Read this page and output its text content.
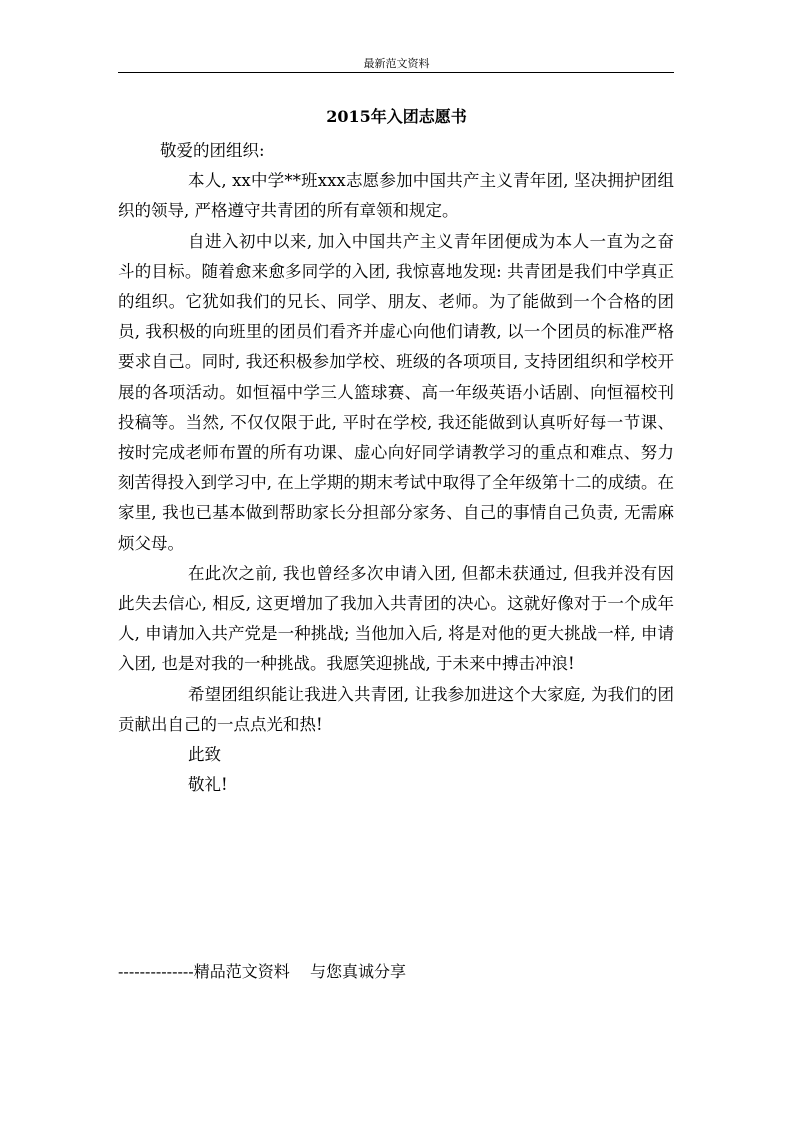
最新范文资料
2015年入团志愿书

敬爱的团组织:

本人, xx中学**班xxx志愿参加中国共产主义青年团, 坚决拥护团组织的领导, 严格遵守共青团的所有章领和规定。

自进入初中以来, 加入中国共产主义青年团便成为本人一直为之奋斗的目标。随着愈来愈多同学的入团, 我惊喜地发现: 共青团是我们中学真正的组织。它犹如我们的兄长、同学、朋友、老师。为了能做到一个合格的团员, 我积极的向班里的团员们看齐并虚心向他们请教, 以一个团员的标准严格要求自己。同时, 我还积极参加学校、班级的各项项目, 支持团组织和学校开展的各项活动。如恒福中学三人篮球赛、高一年级英语小话剧、向恒福校刊投稿等。当然, 不仅仅限于此, 平时在学校, 我还能做到认真听好每一节课、按时完成老师布置的所有功课、虚心向好同学请教学习的重点和难点、努力刻苦得投入到学习中, 在上学期的期末考试中取得了全年级第十二的成绩。在家里, 我也已基本做到帮助家长分担部分家务、自己的事情自己负责, 无需麻烦父母。

在此次之前, 我也曾经多次申请入团, 但都未获通过, 但我并没有因此失去信心, 相反, 这更增加了我加入共青团的决心。这就好像对于一个成年人, 申请加入共产党是一种挑战; 当他加入后, 将是对他的更大挑战一样, 申请入团, 也是对我的一种挑战。我愿笑迎挑战, 于未来中搏击冲浪!

希望团组织能让我进入共青团, 让我参加进这个大家庭, 为我们的团贡献出自己的一点点光和热!

此致

敬礼!

--------------精品范文资料    与您真诚分享
